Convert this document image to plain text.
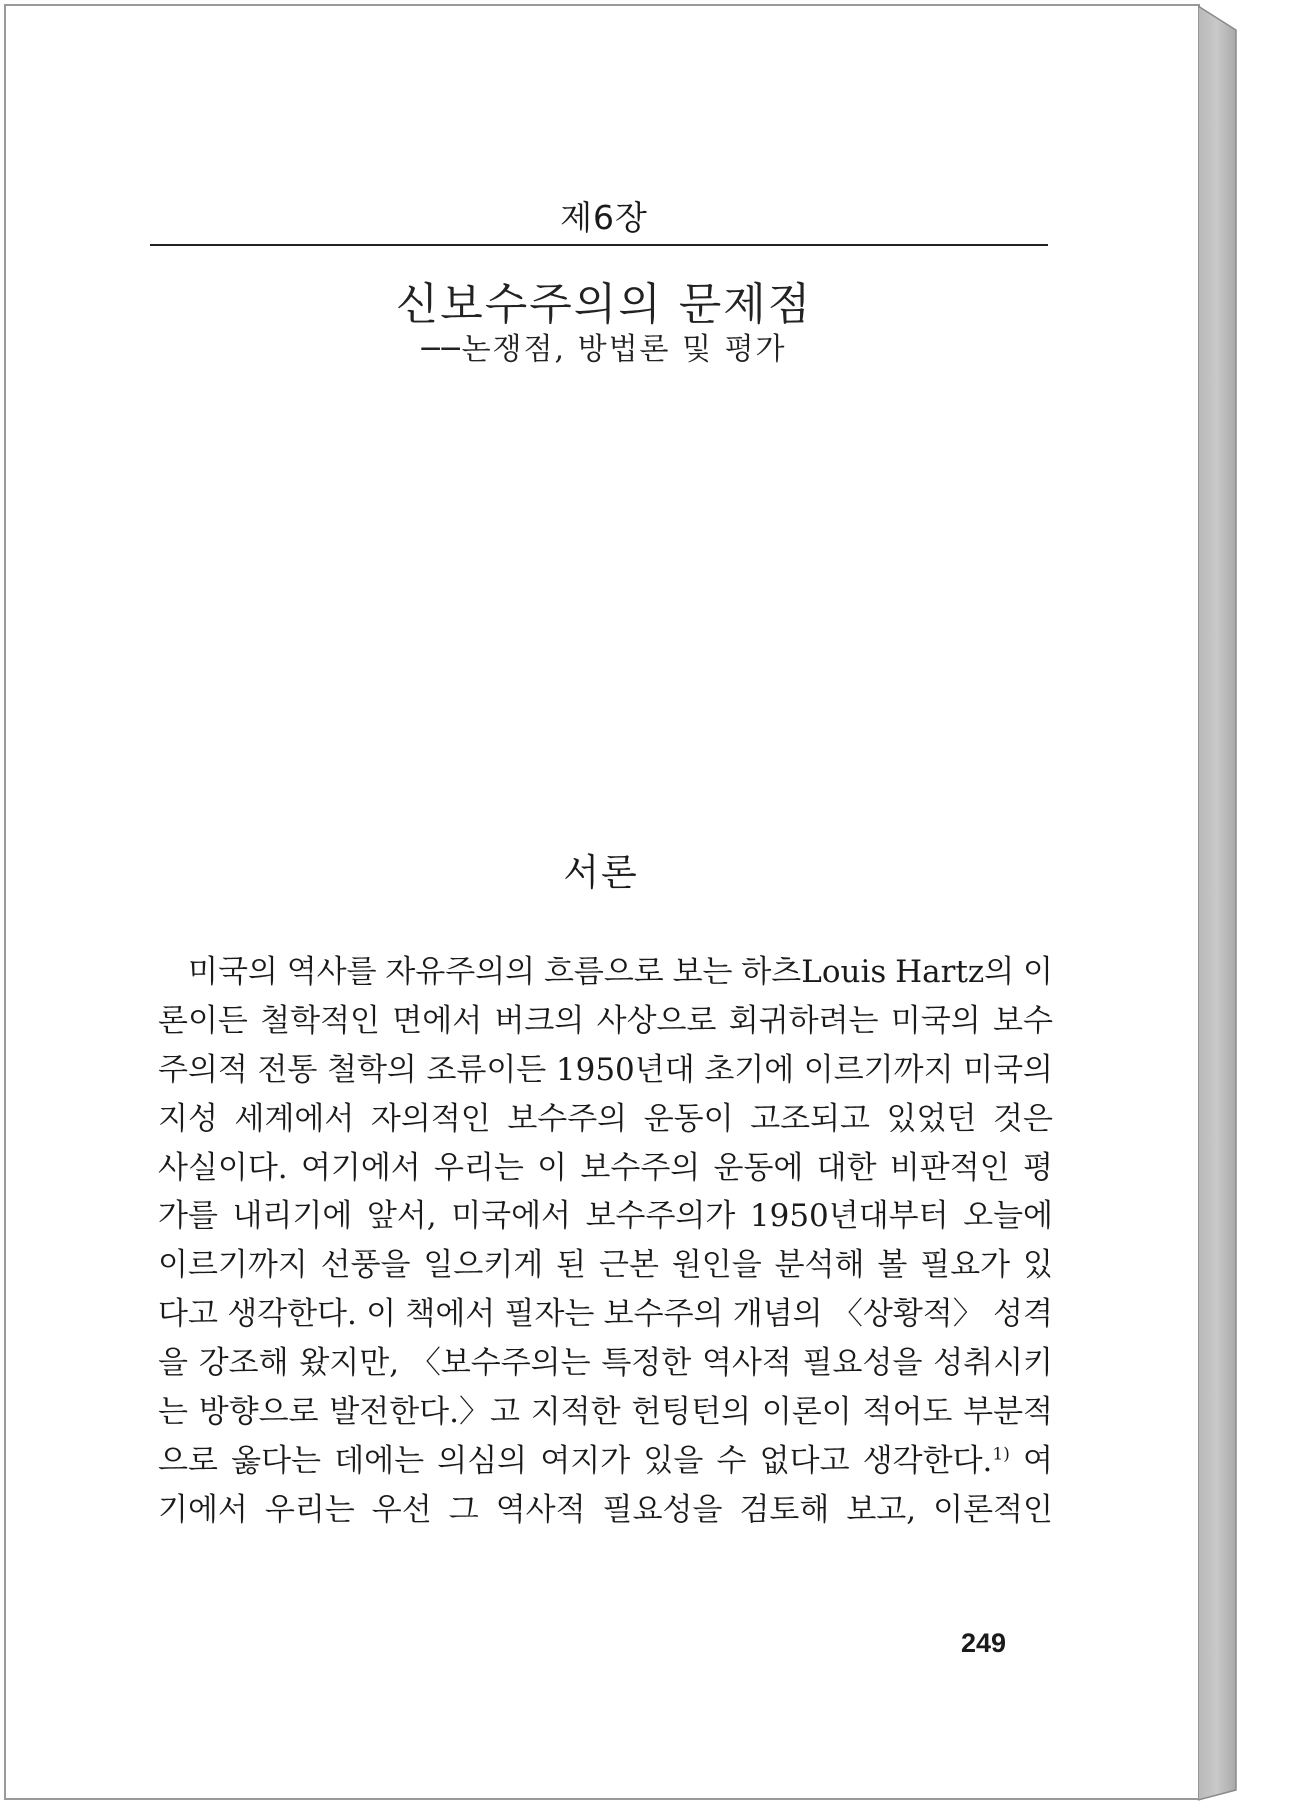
제6장
신보수주의의 문제점
──논쟁점, 방법론 및 평가
서론
미국의 역사를 자유주의의 흐름으로 보는 하츠Louis Hartz의 이
론이든 철학적인 면에서 버크의 사상으로 회귀하려는 미국의 보수
주의적 전통 철학의 조류이든 1950년대 초기에 이르기까지 미국의
지성 세계에서 자의적인 보수주의 운동이 고조되고 있었던 것은
사실이다. 여기에서 우리는 이 보수주의 운동에 대한 비판적인 평
가를 내리기에 앞서, 미국에서 보수주의가 1950년대부터 오늘에
이르기까지 선풍을 일으키게 된 근본 원인을 분석해 볼 필요가 있
다고 생각한다. 이 책에서 필자는 보수주의 개념의 〈상황적〉 성격
을 강조해 왔지만, 〈보수주의는 특정한 역사적 필요성을 성취시키
는 방향으로 발전한다.〉고 지적한 헌팅턴의 이론이 적어도 부분적
으로 옳다는 데에는 의심의 여지가 있을 수 없다고 생각한다.$^{1)}$ 여
기에서 우리는 우선 그 역사적 필요성을 검토해 보고, 이론적인
249
